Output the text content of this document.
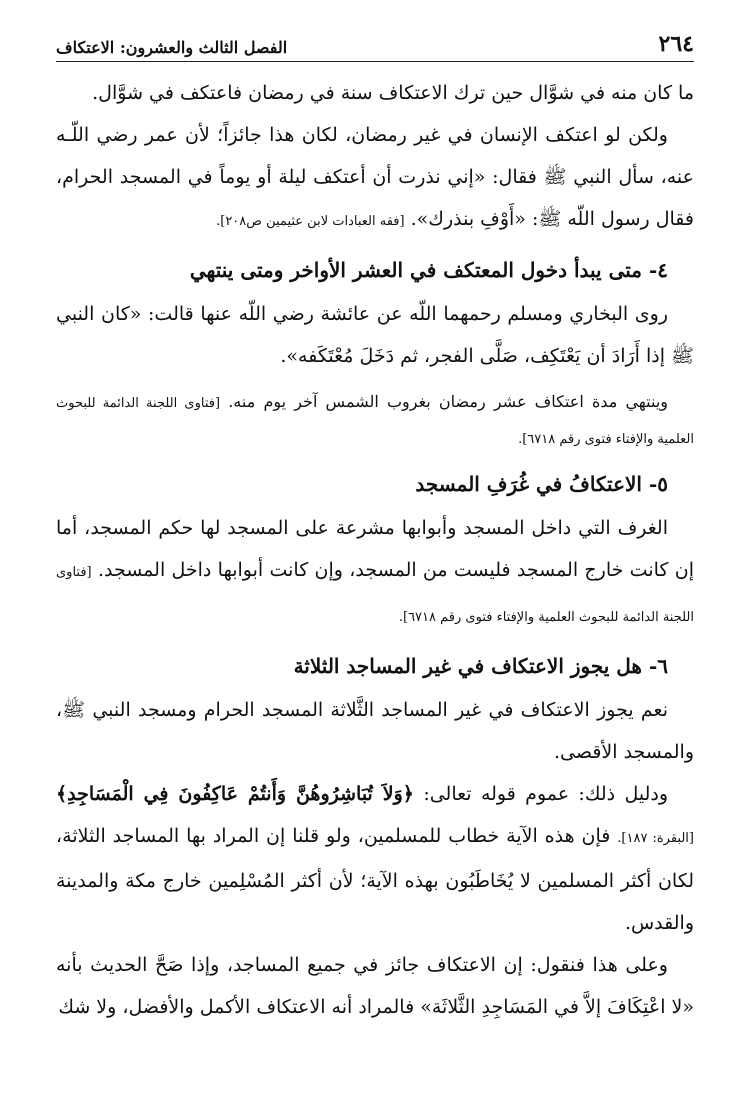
٢٦٤
الفصل الثالث والعشرون: الاعتكاف

ما كان منه في شوَّال حين ترك الاعتكاف سنة في رمضان فاعتكف في شوَّال.

ولكن لو اعتكف الإنسان في غير رمضان، لكان هذا جائزاً؛ لأن عمر رضي اللّـه عنه، سأل النبي ﷺ فقال: «إني نذرت أن أعتكف ليلة أو يوماً في المسجد الحرام، فقال رسول اللّه ﷺ: «أَوْفِ بنذرك». [فقه العبادات لابن عثيمين ص٢٠٨].

٤- متى يبدأ دخول المعتكف في العشر الأواخر ومتى ينتهي

روى البخاري ومسلم رحمهما اللّه عن عائشة رضي اللّه عنها قالت: «كان النبي ﷺ إذا أَرَادَ أن يَعْتَكِف، صَلَّى الفجر، ثم دَخَلَ مُعْتَكَفه».

وينتهي مدة اعتكاف عشر رمضان بغروب الشمس آخر يوم منه. [فتاوى اللجنة الدائمة للبحوث العلمية والإفتاء فتوى رقم ٦٧١٨].

٥- الاعتكافُ في غُرَفِ المسجد

الغرف التي داخل المسجد وأبوابها مشرعة على المسجد لها حكم المسجد، أما إن كانت خارج المسجد فليست من المسجد، وإن كانت أبوابها داخل المسجد. [فتاوى اللجنة الدائمة للبحوث العلمية والإفتاء فتوى رقم ٦٧١٨].

٦- هل يجوز الاعتكاف في غير المساجد الثلاثة

نعم يجوز الاعتكاف في غير المساجد الثَّلاثة المسجد الحرام ومسجد النبي ﷺ، والمسجد الأقصى.

ودليل ذلك: عموم قوله تعالى: ﴿وَلاَ تُبَاشِرُوهُنَّ وَأَنتُمْ عَاكِفُونَ فِي الْمَسَاجِدِ﴾ [البقرة: ١٨٧]. فإن هذه الآية خطاب للمسلمين، ولو قلنا إن المراد بها المساجد الثلاثة، لكان أكثر المسلمين لا يُخَاطَبُون بهذه الآية؛ لأن أكثر المُسْلِمين خارج مكة والمدينة والقدس.

وعلى هذا فنقول: إن الاعتكاف جائز في جميع المساجد، وإذا صَحَّ الحديث بأنه «لا اعْتِكَافَ إلاَّ في المَسَاجِدِ الثَّلاثَة» فالمراد أنه الاعتكاف الأكمل والأفضل، ولا شك
